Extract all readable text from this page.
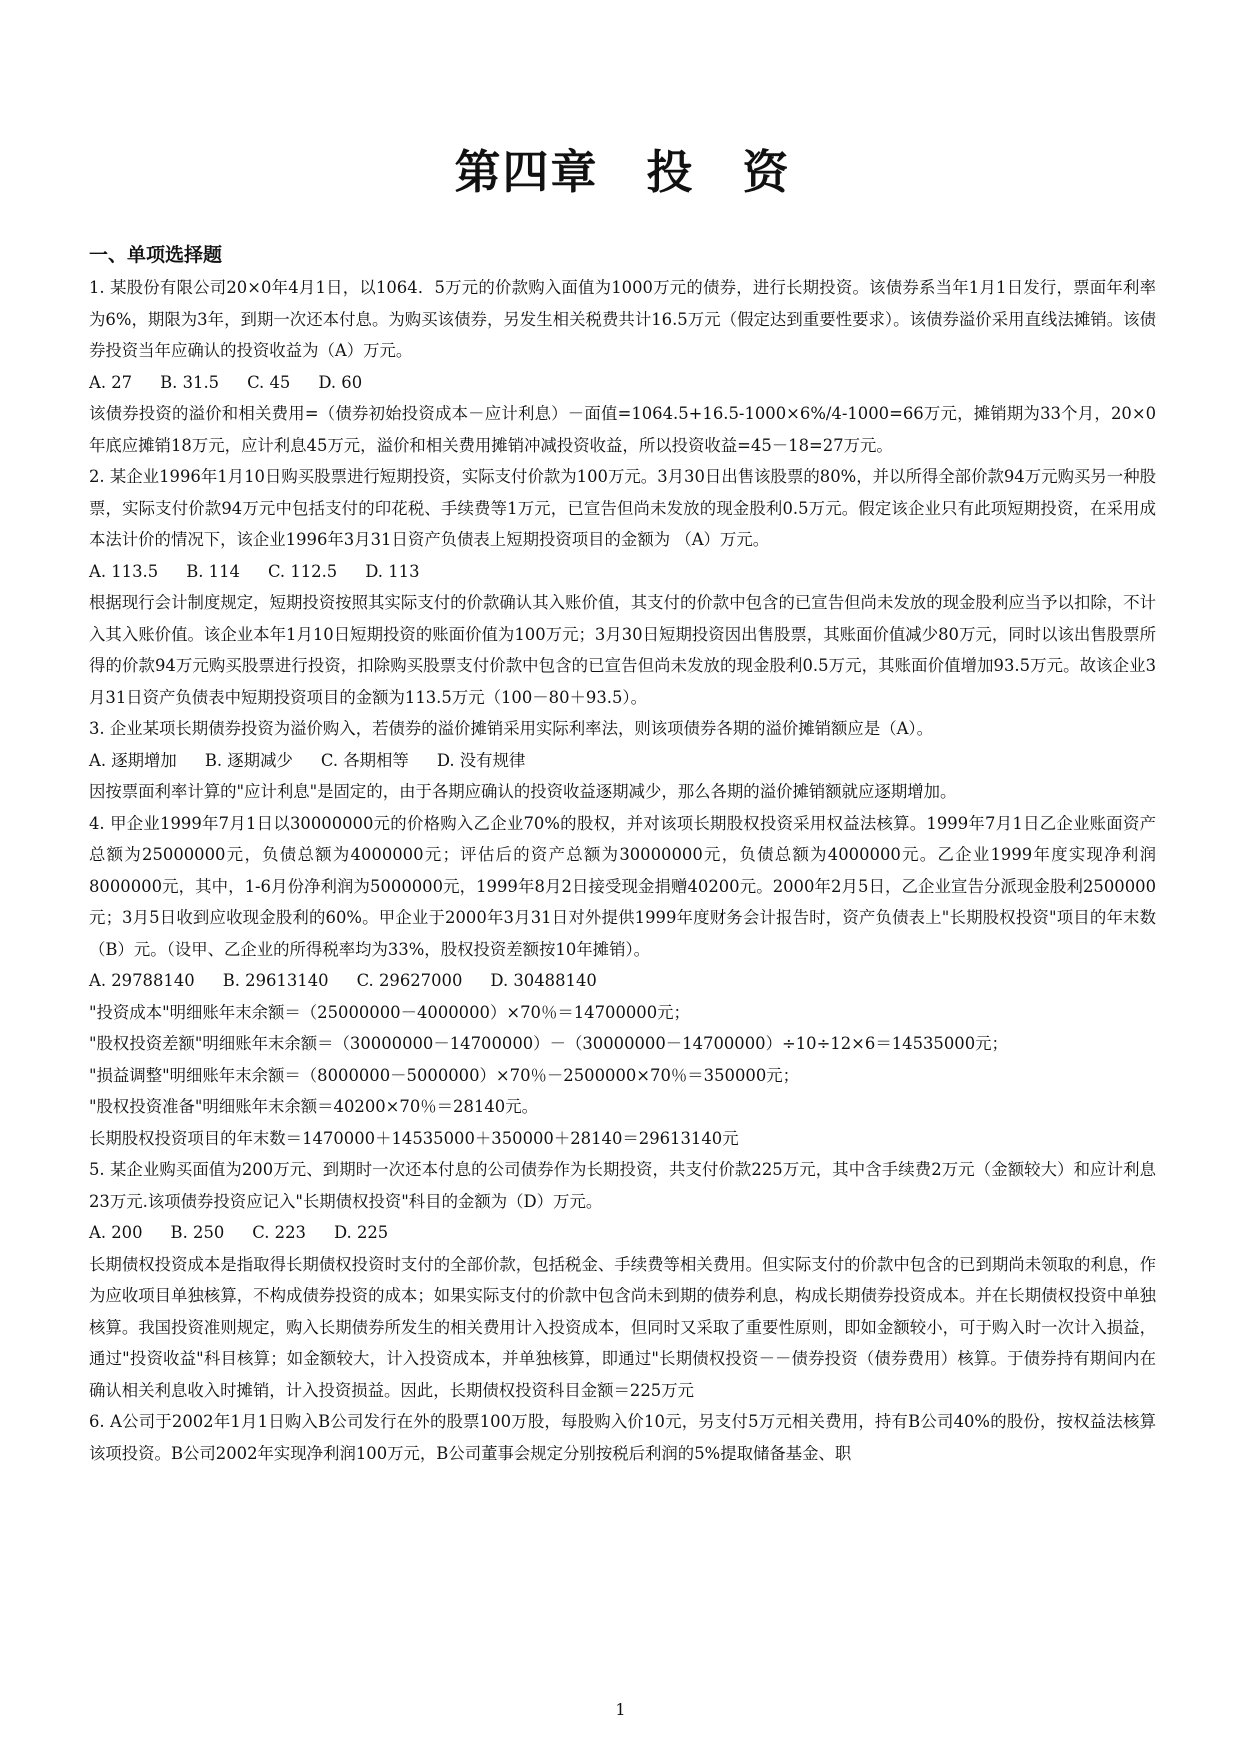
第四章　投　资
一、单项选择题

1. 某股份有限公司20×0年4月1日，以1064．5万元的价款购入面值为1000万元的债券，进行长期投资。该债券系当年1月1日发行，票面年利率为6%，期限为3年，到期一次还本付息。为购买该债券，另发生相关税费共计16.5万元（假定达到重要性要求）。该债券溢价采用直线法摊销。该债券投资当年应确认的投资收益为（A）万元。

A. 27 B. 31.5 C. 45 D. 60

该债券投资的溢价和相关费用=（债券初始投资成本－应计利息）－面值=1064.5+16.5-1000×6%/4-1000=66万元，摊销期为33个月，20×0年底应摊销18万元，应计利息45万元，溢价和相关费用摊销冲减投资收益，所以投资收益=45－18=27万元。

2. 某企业1996年1月10日购买股票进行短期投资，实际支付价款为100万元。3月30日出售该股票的80%，并以所得全部价款94万元购买另一种股票，实际支付价款94万元中包括支付的印花税、手续费等1万元，已宣告但尚未发放的现金股利0.5万元。假定该企业只有此项短期投资，在采用成本法计价的情况下，该企业1996年3月31日资产负债表上短期投资项目的金额为 （A）万元。

A. 113.5 B. 114 C. 112.5 D. 113

根据现行会计制度规定，短期投资按照其实际支付的价款确认其入账价值，其支付的价款中包含的已宣告但尚未发放的现金股利应当予以扣除，不计入其入账价值。该企业本年1月10日短期投资的账面价值为100万元；3月30日短期投资因出售股票，其账面价值减少80万元，同时以该出售股票所得的价款94万元购买股票进行投资，扣除购买股票支付价款中包含的已宣告但尚未发放的现金股利0.5万元，其账面价值增加93.5万元。故该企业3月31日资产负债表中短期投资项目的金额为113.5万元（100－80＋93.5）。

3. 企业某项长期债券投资为溢价购入，若债券的溢价摊销采用实际利率法，则该项债券各期的溢价摊销额应是（A）。

A. 逐期增加 B. 逐期减少 C. 各期相等 D. 没有规律

因按票面利率计算的"应计利息"是固定的，由于各期应确认的投资收益逐期减少，那么各期的溢价摊销额就应逐期增加。

4. 甲企业1999年7月1日以30000000元的价格购入乙企业70%的股权，并对该项长期股权投资采用权益法核算。1999年7月1日乙企业账面资产总额为25000000元，负债总额为4000000元；评估后的资产总额为30000000元，负债总额为4000000元。乙企业1999年度实现净利润8000000元，其中，1-6月份净利润为5000000元，1999年8月2日接受现金捐赠40200元。2000年2月5日，乙企业宣告分派现金股利2500000元；3月5日收到应收现金股利的60%。甲企业于2000年3月31日对外提供1999年度财务会计报告时，资产负债表上"长期股权投资"项目的年末数（B）元。（设甲、乙企业的所得税率均为33%，股权投资差额按10年摊销）。

A. 29788140 B. 29613140 C. 29627000 D. 30488140

"投资成本"明细账年末余额＝（25000000－4000000）×70％＝14700000元；

"股权投资差额"明细账年末余额＝（30000000－14700000）－（30000000－14700000）÷10÷12×6＝14535000元；

"损益调整"明细账年末余额＝（8000000－5000000）×70％－2500000×70％＝350000元；

"股权投资准备"明细账年末余额＝40200×70％＝28140元。

长期股权投资项目的年末数＝1470000＋14535000＋350000＋28140＝29613140元

5. 某企业购买面值为200万元、到期时一次还本付息的公司债券作为长期投资，共支付价款225万元，其中含手续费2万元（金额较大）和应计利息23万元.该项债券投资应记入"长期债权投资"科目的金额为（D）万元。

A. 200 B. 250 C. 223 D. 225

长期债权投资成本是指取得长期债权投资时支付的全部价款，包括税金、手续费等相关费用。但实际支付的价款中包含的已到期尚未领取的利息，作为应收项目单独核算，不构成债券投资的成本；如果实际支付的价款中包含尚未到期的债券利息，构成长期债券投资成本。并在长期债权投资中单独核算。我国投资准则规定，购入长期债券所发生的相关费用计入投资成本，但同时又采取了重要性原则，即如金额较小，可于购入时一次计入损益，通过"投资收益"科目核算；如金额较大，计入投资成本，并单独核算，即通过"长期债权投资－－债券投资（债券费用）核算。于债券持有期间内在确认相关利息收入时摊销，计入投资损益。因此，长期债权投资科目金额＝225万元

6. A公司于2002年1月1日购入B公司发行在外的股票100万股，每股购入价10元，另支付5万元相关费用，持有B公司40%的股份，按权益法核算该项投资。B公司2002年实现净利润100万元，B公司董事会规定分别按税后利润的5%提取储备基金、职

1
